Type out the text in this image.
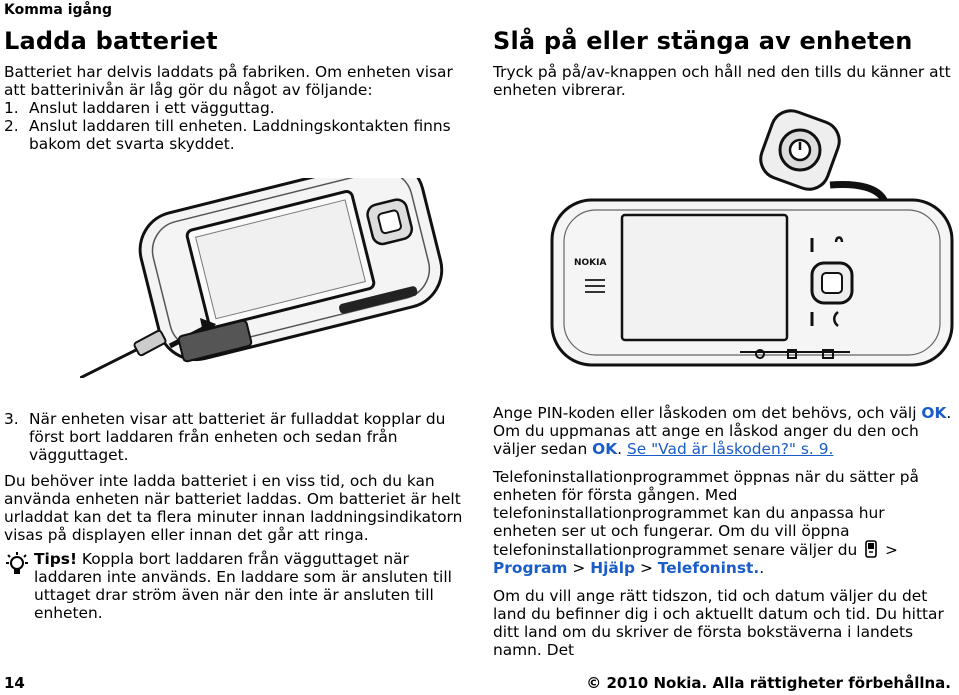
Komma igång
Ladda batteriet
Batteriet har delvis laddats på fabriken. Om enheten visar att batterinivån är låg gör du något av följande:
1. Anslut laddaren i ett vägguttag.
2. Anslut laddaren till enheten. Laddningskontakten finns bakom det svarta skyddet.
3. När enheten visar att batteriet är fulladdat kopplar du först bort laddaren från enheten och sedan från vägguttaget.
Du behöver inte ladda batteriet i en viss tid, och du kan använda enheten när batteriet laddas. Om batteriet är helt urladdat kan det ta flera minuter innan laddningsindikatorn visas på displayen eller innan det går att ringa.
Tips! Koppla bort laddaren från vägguttaget när laddaren inte används. En laddare som är ansluten till uttaget drar ström även när den inte är ansluten till enheten.
Slå på eller stänga av enheten
Tryck på på/av-knappen och håll ned den tills du känner att enheten vibrerar.
NOKIA
Ange PIN-koden eller låskoden om det behövs, och välj OK. Om du uppmanas att ange en låskod anger du den och väljer sedan OK. Se "Vad är låskoden?" s. 9.
Telefoninstallationprogrammet öppnas när du sätter på enheten för första gången. Med telefoninstallationprogrammet kan du anpassa hur enheten ser ut och fungerar. Om du vill öppna telefoninstallationprogrammet senare väljer du > Program > Hjälp > Telefoninst..
Om du vill ange rätt tidszon, tid och datum väljer du det land du befinner dig i och aktuellt datum och tid. Du hittar ditt land om du skriver de första bokstäverna i landets namn. Det
14	© 2010 Nokia. Alla rättigheter förbehållna.
